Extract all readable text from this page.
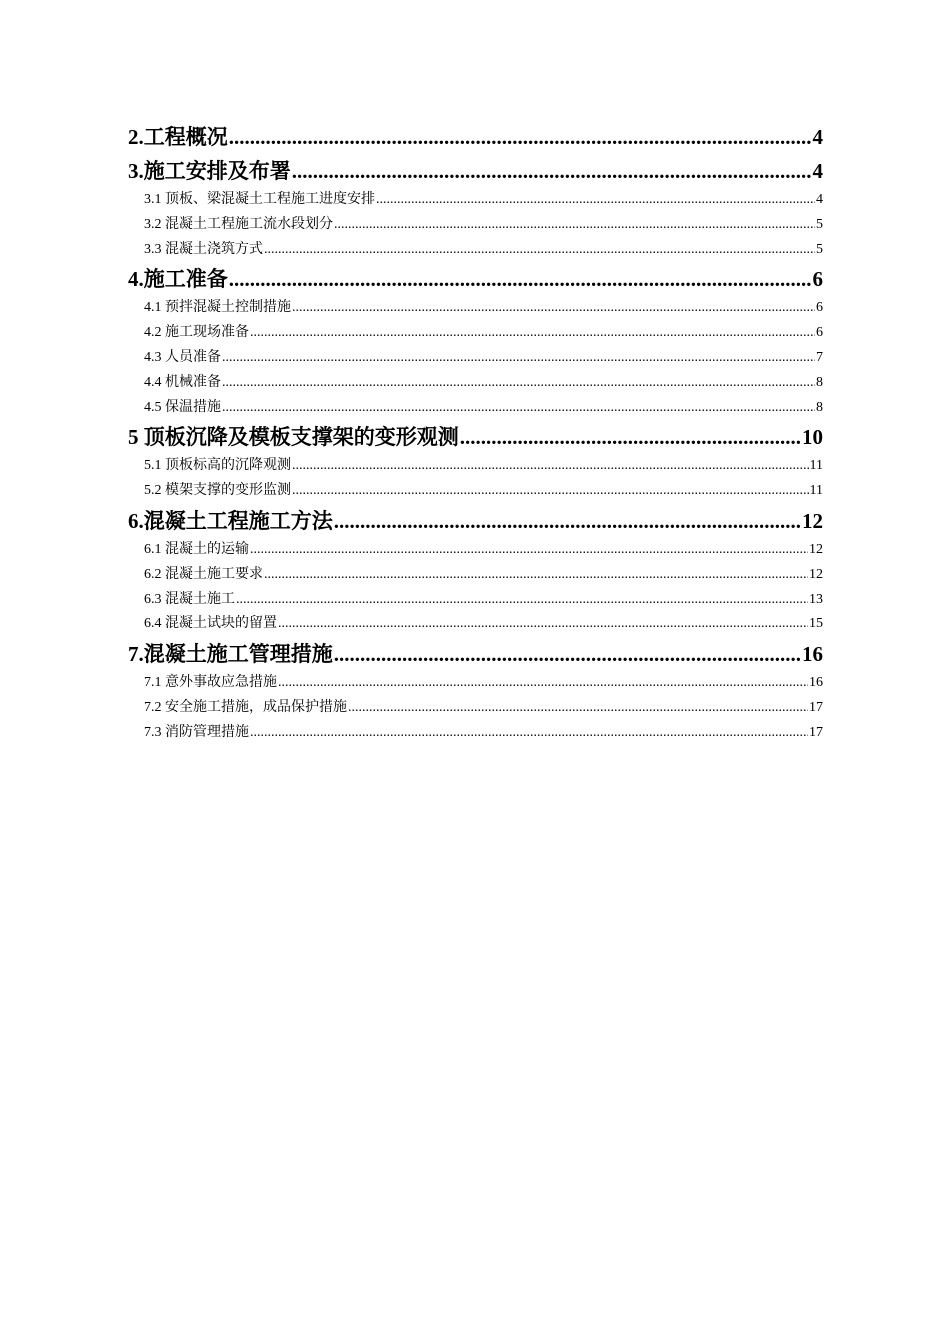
2.工程概况 .....	4
3.施工安排及布署 .....	4
3.1 顶板、梁混凝土工程施工进度安排 .....	4
3.2 混凝土工程施工流水段划分 .....	5
3.3 混凝土浇筑方式 .....	5
4.施工准备 .....	6
4.1 预拌混凝土控制措施 .....	6
4.2 施工现场准备 .....	6
4.3 人员准备 .....	7
4.4 机械准备 .....	8
4.5 保温措施 .....	8
5 顶板沉降及模板支撑架的变形观测 .....	10
5.1 顶板标高的沉降观测 .....	11
5.2 模架支撑的变形监测 .....	11
6.混凝土工程施工方法 .....	12
6.1 混凝土的运输 .....	12
6.2 混凝土施工要求 .....	12
6.3 混凝土施工 .....	13
6.4 混凝土试块的留置 .....	15
7.混凝土施工管理措施 .....	16
7.1 意外事故应急措施 .....	16
7.2 安全施工措施，成品保护措施 .....	17
7.3 消防管理措施 .....	17
